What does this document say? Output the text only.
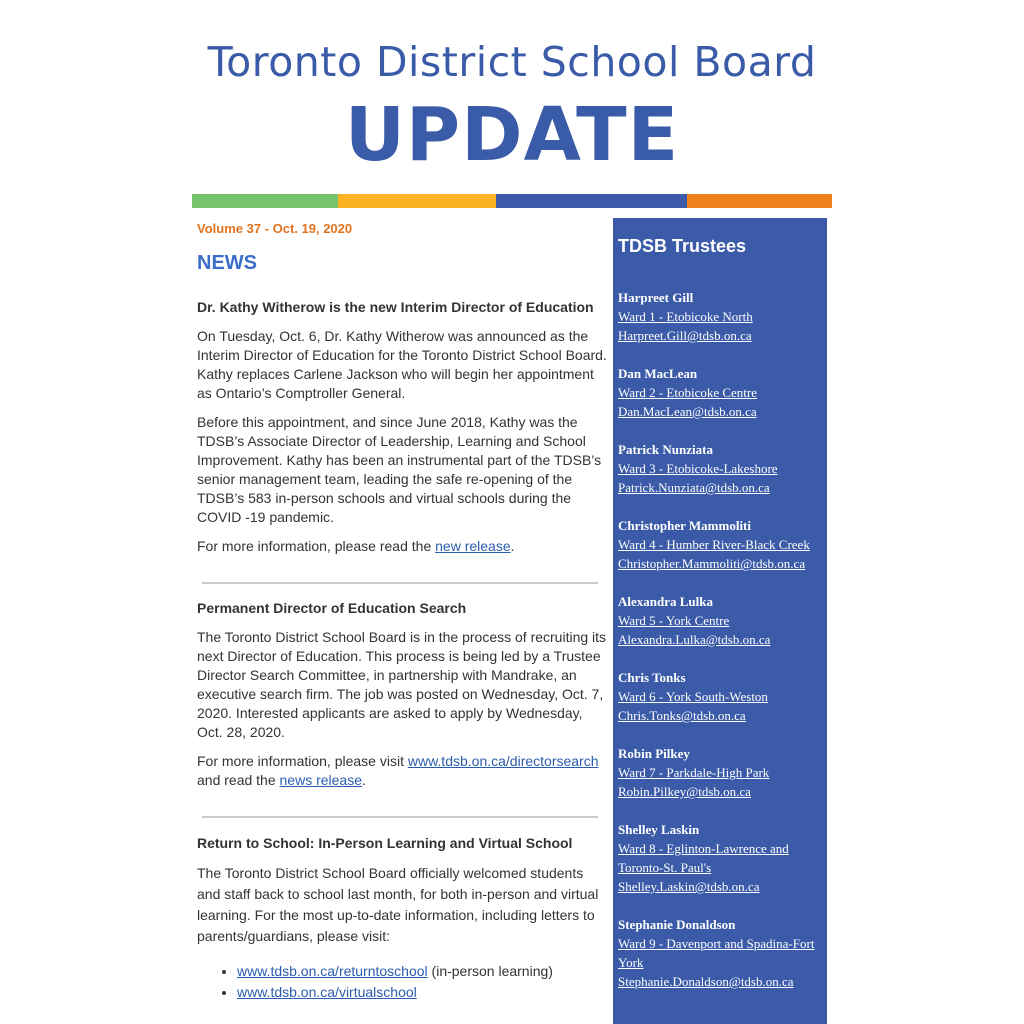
Toronto District School Board
UPDATE
Volume 37 - Oct. 19, 2020
NEWS
Dr. Kathy Witherow is the new Interim Director of Education

On Tuesday, Oct. 6, Dr. Kathy Witherow was announced as the Interim Director of Education for the Toronto District School Board. Kathy replaces Carlene Jackson who will begin her appointment as Ontario’s Comptroller General.

Before this appointment, and since June 2018, Kathy was the TDSB’s Associate Director of Leadership, Learning and School Improvement. Kathy has been an instrumental part of the TDSB’s senior management team, leading the safe re-opening of the TDSB’s 583 in-person schools and virtual schools during the COVID -19 pandemic.

For more information, please read the new release.

Permanent Director of Education Search

The Toronto District School Board is in the process of recruiting its next Director of Education. This process is being led by a Trustee Director Search Committee, in partnership with Mandrake, an executive search firm. The job was posted on Wednesday, Oct. 7, 2020. Interested applicants are asked to apply by Wednesday, Oct. 28, 2020.

For more information, please visit www.tdsb.on.ca/directorsearch and read the news release.

Return to School: In-Person Learning and Virtual School

The Toronto District School Board officially welcomed students and staff back to school last month, for both in-person and virtual learning. For the most up-to-date information, including letters to parents/guardians, please visit:

• www.tdsb.on.ca/returntoschool (in-person learning)
• www.tdsb.on.ca/virtualschool
TDSB Trustees
Harpreet Gill
Ward 1 - Etobicoke North
Harpreet.Gill@tdsb.on.ca
Dan MacLean
Ward 2 - Etobicoke Centre
Dan.MacLean@tdsb.on.ca
Patrick Nunziata
Ward 3 - Etobicoke-Lakeshore
Patrick.Nunziata@tdsb.on.ca
Christopher Mammoliti
Ward 4 - Humber River-Black Creek
Christopher.Mammoliti@tdsb.on.ca
Alexandra Lulka
Ward 5 - York Centre
Alexandra.Lulka@tdsb.on.ca
Chris Tonks
Ward 6 - York South-Weston
Chris.Tonks@tdsb.on.ca
Robin Pilkey
Ward 7 - Parkdale-High Park
Robin.Pilkey@tdsb.on.ca
Shelley Laskin
Ward 8 - Eglinton-Lawrence and Toronto-St. Paul's
Shelley.Laskin@tdsb.on.ca
Stephanie Donaldson
Ward 9 - Davenport and Spadina-Fort York
Stephanie.Donaldson@tdsb.on.ca
